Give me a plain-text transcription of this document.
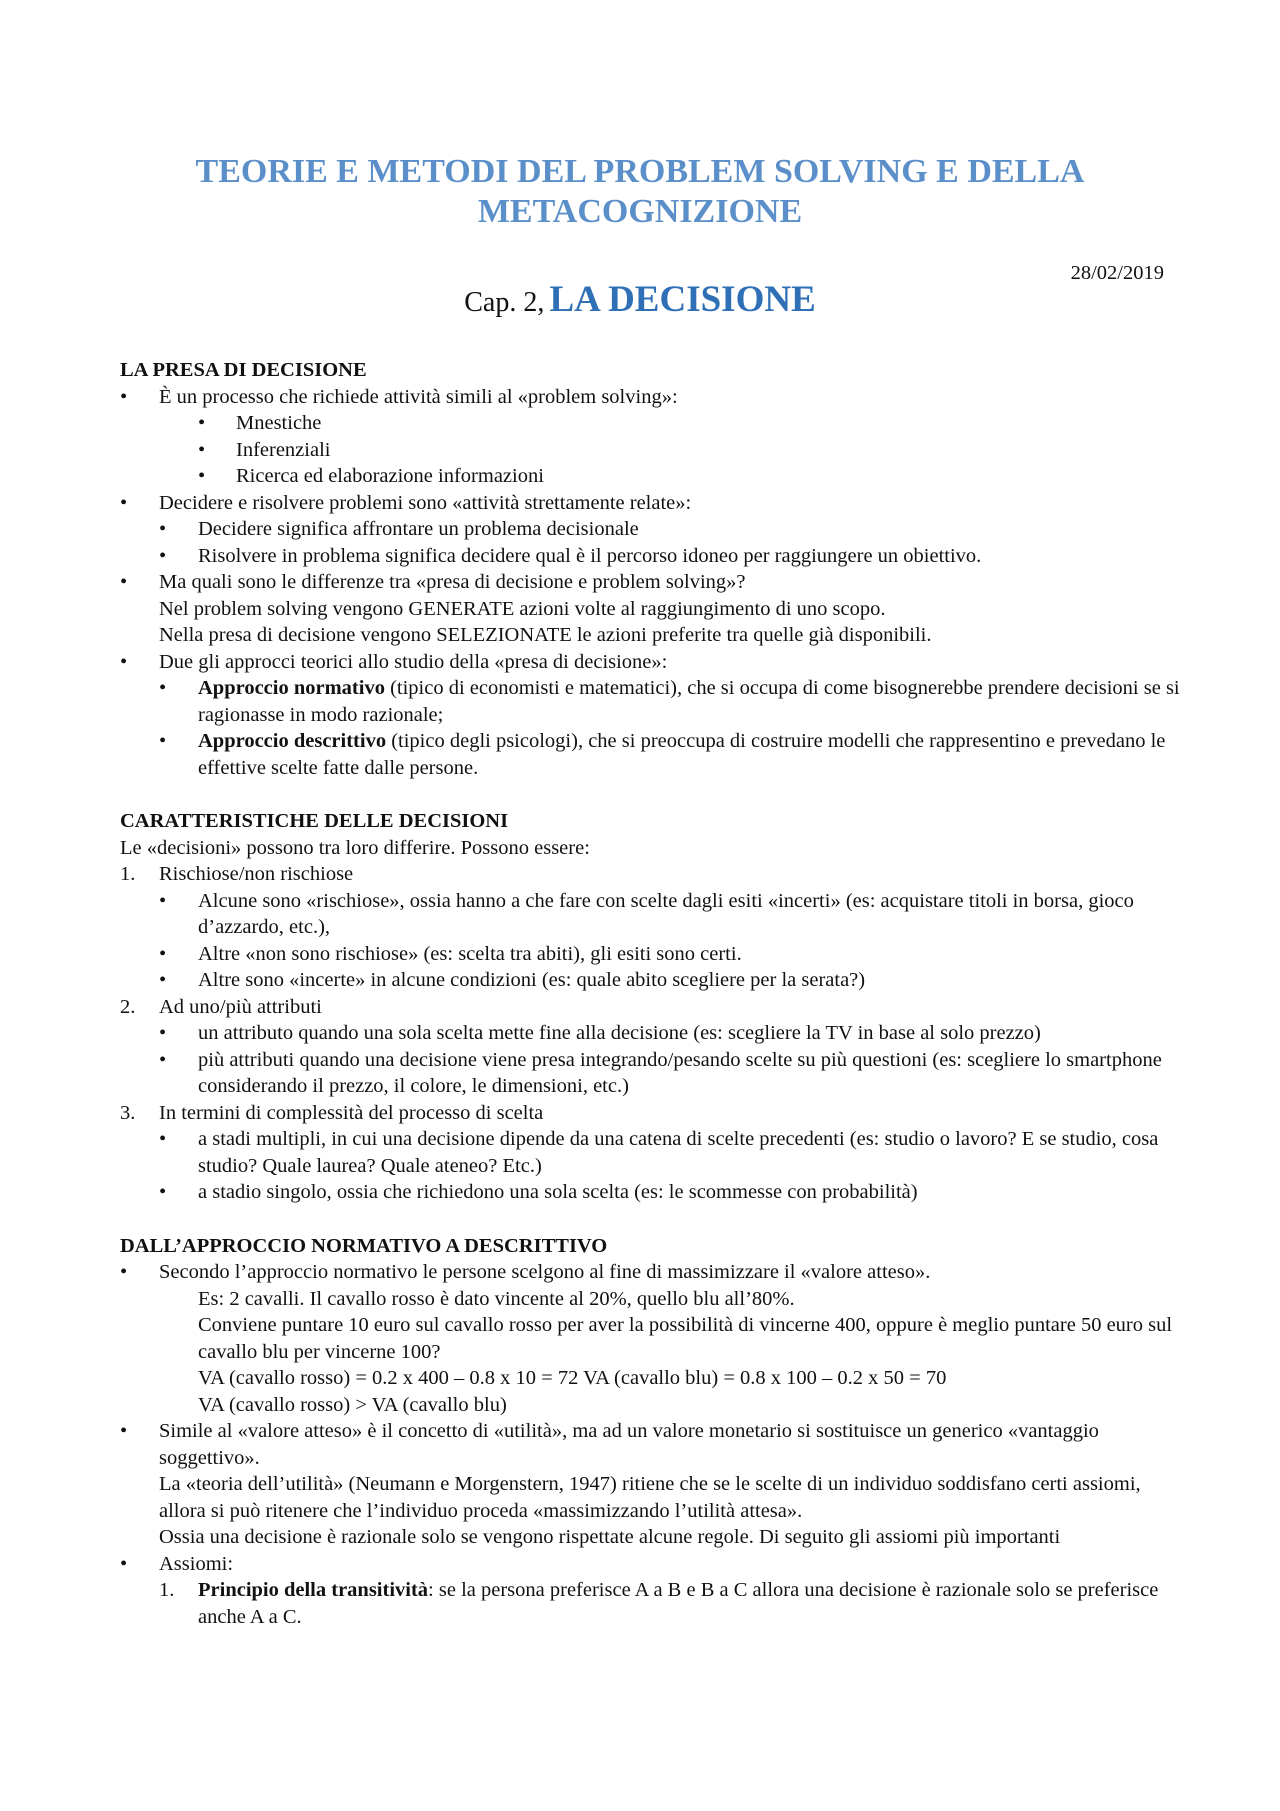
TEORIE E METODI DEL PROBLEM SOLVING E DELLA
METACOGNIZIONE
28/02/2019
Cap. 2, LA DECISIONE
LA PRESA DI DECISIONE
• È un processo che richiede attività simili al «problem solving»:
• Mnestiche
• Inferenziali
• Ricerca ed elaborazione informazioni
• Decidere e risolvere problemi sono «attività strettamente relate»:
• Decidere significa affrontare un problema decisionale
• Risolvere in problema significa decidere qual è il percorso idoneo per raggiungere un obiettivo.
• Ma quali sono le differenze tra «presa di decisione e problem solving»?
Nel problem solving vengono GENERATE azioni volte al raggiungimento di uno scopo.
Nella presa di decisione vengono SELEZIONATE le azioni preferite tra quelle già disponibili.
• Due gli approcci teorici allo studio della «presa di decisione»:
• Approccio normativo (tipico di economisti e matematici), che si occupa di come bisognerebbe prendere decisioni se si ragionasse in modo razionale;
• Approccio descrittivo (tipico degli psicologi), che si preoccupa di costruire modelli che rappresentino e prevedano le effettive scelte fatte dalle persone.
CARATTERISTICHE DELLE DECISIONI
Le «decisioni» possono tra loro differire. Possono essere:
1. Rischiose/non rischiose
• Alcune sono «rischiose», ossia hanno a che fare con scelte dagli esiti «incerti» (es: acquistare titoli in borsa, gioco d’azzardo, etc.),
• Altre «non sono rischiose» (es: scelta tra abiti), gli esiti sono certi.
• Altre sono «incerte» in alcune condizioni (es: quale abito scegliere per la serata?)
2. Ad uno/più attributi
• un attributo quando una sola scelta mette fine alla decisione (es: scegliere la TV in base al solo prezzo)
• più attributi quando una decisione viene presa integrando/pesando scelte su più questioni (es: scegliere lo smartphone considerando il prezzo, il colore, le dimensioni, etc.)
3. In termini di complessità del processo di scelta
• a stadi multipli, in cui una decisione dipende da una catena di scelte precedenti (es: studio o lavoro? E se studio, cosa studio? Quale laurea? Quale ateneo? Etc.)
• a stadio singolo, ossia che richiedono una sola scelta (es: le scommesse con probabilità)
DALL’APPROCCIO NORMATIVO A DESCRITTIVO
• Secondo l’approccio normativo le persone scelgono al fine di massimizzare il «valore atteso».
Es: 2 cavalli. Il cavallo rosso è dato vincente al 20%, quello blu all’80%.
Conviene puntare 10 euro sul cavallo rosso per aver la possibilità di vincerne 400, oppure è meglio puntare 50 euro sul cavallo blu per vincerne 100?
VA (cavallo rosso) = 0.2 x 400 – 0.8 x 10 = 72 VA (cavallo blu) = 0.8 x 100 – 0.2 x 50 = 70
VA (cavallo rosso) > VA (cavallo blu)
• Simile al «valore atteso» è il concetto di «utilità», ma ad un valore monetario si sostituisce un generico «vantaggio soggettivo».
La «teoria dell’utilità» (Neumann e Morgenstern, 1947) ritiene che se le scelte di un individuo soddisfano certi assiomi, allora si può ritenere che l’individuo proceda «massimizzando l’utilità attesa».
Ossia una decisione è razionale solo se vengono rispettate alcune regole. Di seguito gli assiomi più importanti
• Assiomi:
1. Principio della transitività: se la persona preferisce A a B e B a C allora una decisione è razionale solo se preferisce anche A a C.
